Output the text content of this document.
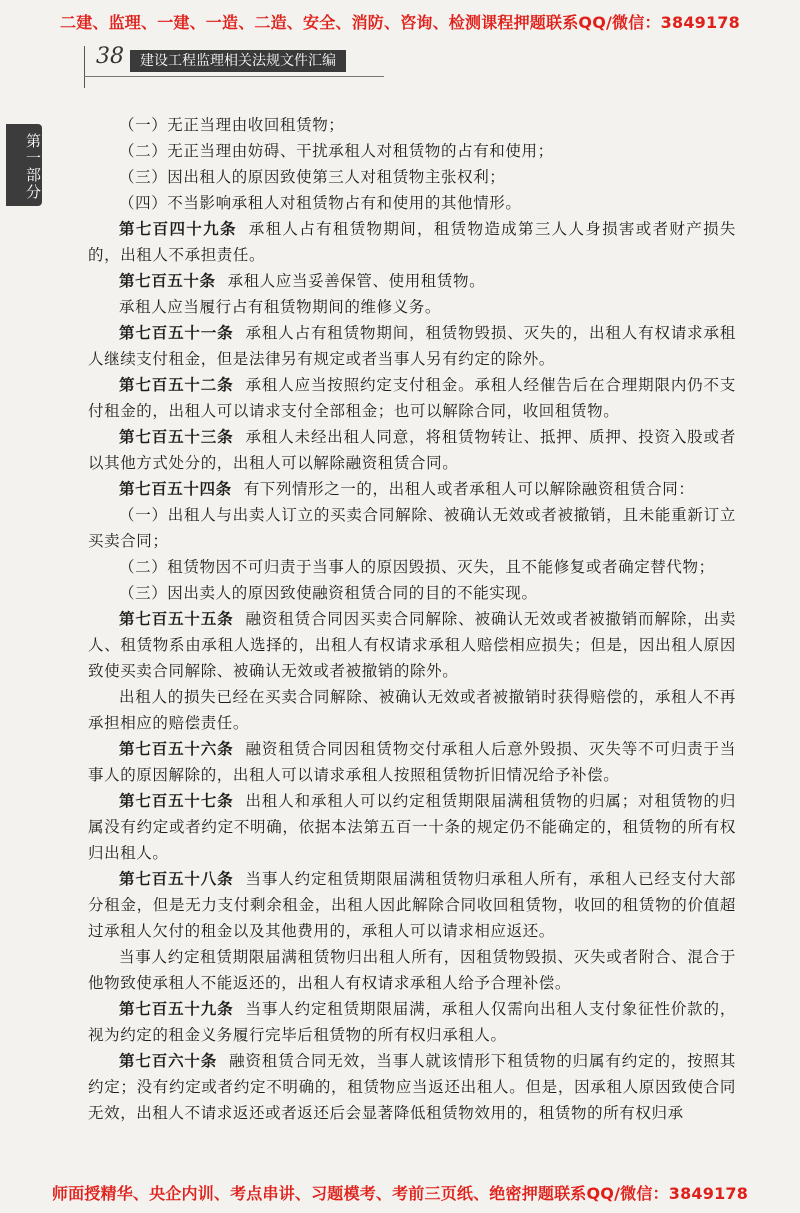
二建、监理、一建、一造、二造、安全、消防、咨询、检测课程押题联系QQ/微信：3849178
38	建设工程监理相关法规文件汇编
第一部分

（一）无正当理由收回租赁物；

（二）无正当理由妨碍、干扰承租人对租赁物的占有和使用；

（三）因出租人的原因致使第三人对租赁物主张权利；

（四）不当影响承租人对租赁物占有和使用的其他情形。

第七百四十九条 承租人占有租赁物期间，租赁物造成第三人人身损害或者财产损失的，出租人不承担责任。

第七百五十条 承租人应当妥善保管、使用租赁物。

承租人应当履行占有租赁物期间的维修义务。

第七百五十一条 承租人占有租赁物期间，租赁物毁损、灭失的，出租人有权请求承租人继续支付租金，但是法律另有规定或者当事人另有约定的除外。

第七百五十二条 承租人应当按照约定支付租金。承租人经催告后在合理期限内仍不支付租金的，出租人可以请求支付全部租金；也可以解除合同，收回租赁物。

第七百五十三条 承租人未经出租人同意，将租赁物转让、抵押、质押、投资入股或者以其他方式处分的，出租人可以解除融资租赁合同。

第七百五十四条 有下列情形之一的，出租人或者承租人可以解除融资租赁合同：

（一）出租人与出卖人订立的买卖合同解除、被确认无效或者被撤销，且未能重新订立买卖合同；

（二）租赁物因不可归责于当事人的原因毁损、灭失，且不能修复或者确定替代物；

（三）因出卖人的原因致使融资租赁合同的目的不能实现。

第七百五十五条 融资租赁合同因买卖合同解除、被确认无效或者被撤销而解除，出卖人、租赁物系由承租人选择的，出租人有权请求承租人赔偿相应损失；但是，因出租人原因致使买卖合同解除、被确认无效或者被撤销的除外。

出租人的损失已经在买卖合同解除、被确认无效或者被撤销时获得赔偿的，承租人不再承担相应的赔偿责任。

第七百五十六条 融资租赁合同因租赁物交付承租人后意外毁损、灭失等不可归责于当事人的原因解除的，出租人可以请求承租人按照租赁物折旧情况给予补偿。

第七百五十七条 出租人和承租人可以约定租赁期限届满租赁物的归属；对租赁物的归属没有约定或者约定不明确，依据本法第五百一十条的规定仍不能确定的，租赁物的所有权归出租人。

第七百五十八条 当事人约定租赁期限届满租赁物归承租人所有，承租人已经支付大部分租金，但是无力支付剩余租金，出租人因此解除合同收回租赁物，收回的租赁物的价值超过承租人欠付的租金以及其他费用的，承租人可以请求相应返还。

当事人约定租赁期限届满租赁物归出租人所有，因租赁物毁损、灭失或者附合、混合于他物致使承租人不能返还的，出租人有权请求承租人给予合理补偿。

第七百五十九条 当事人约定租赁期限届满，承租人仅需向出租人支付象征性价款的，视为约定的租金义务履行完毕后租赁物的所有权归承租人。

第七百六十条 融资租赁合同无效，当事人就该情形下租赁物的归属有约定的，按照其约定；没有约定或者约定不明确的，租赁物应当返还出租人。但是，因承租人原因致使合同无效，出租人不请求返还或者返还后会显著降低租赁物效用的，租赁物的所有权归承

师面授精华、央企内训、考点串讲、习题模考、考前三页纸、绝密押题联系QQ/微信：3849178
